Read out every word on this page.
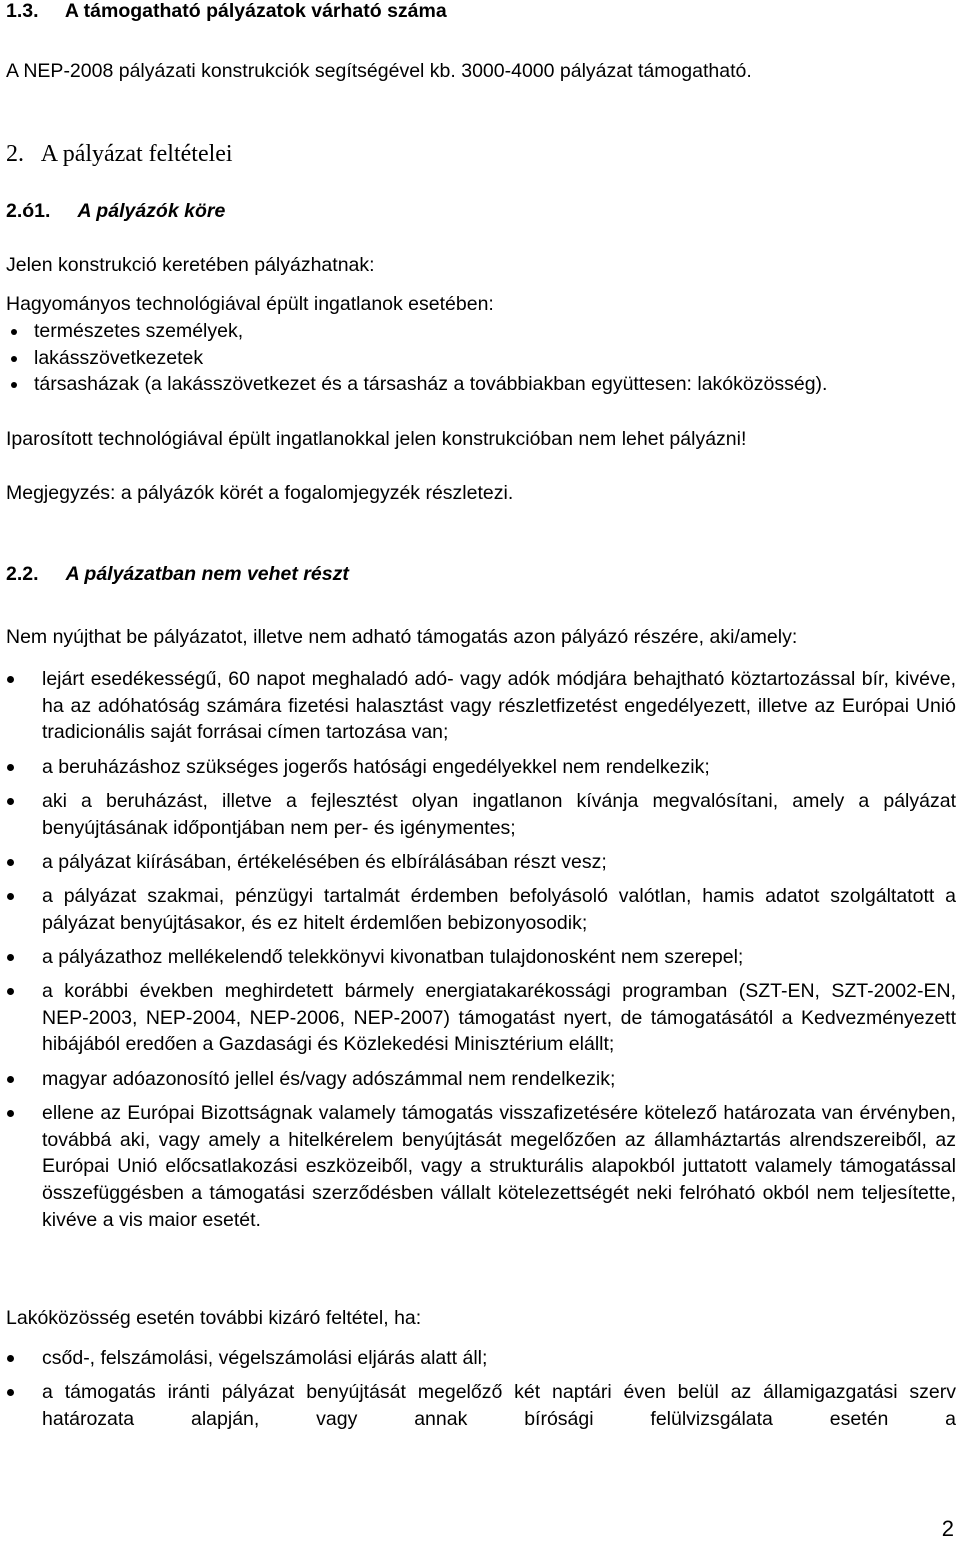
1.3. A támogatható pályázatok várható száma
A NEP-2008 pályázati konstrukciók segítségével kb. 3000-4000 pályázat támogatható.
2. A pályázat feltételei
2.ó1. A pályázók köre
Jelen konstrukció keretében pályázhatnak:
Hagyományos technológiával épült ingatlanok esetében:
természetes személyek,
lakásszövetkezetek
társasházak (a lakásszövetkezet és a társasház a továbbiakban együttesen: lakóközösség).
Iparosított technológiával épült ingatlanokkal jelen konstrukcióban nem lehet pályázni!
Megjegyzés: a pályázók körét a fogalomjegyzék részletezi.
2.2. A pályázatban nem vehet részt
Nem nyújthat be pályázatot, illetve nem adható támogatás azon pályázó részére, aki/amely:
lejárt esedékességű, 60 napot meghaladó adó- vagy adók módjára behajtható köztartozással bír, kivéve, ha az adóhatóság számára fizetési halasztást vagy részletfizetést engedélyezett, illetve az Európai Unió tradicionális saját forrásai címen tartozása van;
a beruházáshoz szükséges jogerős hatósági engedélyekkel nem rendelkezik;
aki a beruházást, illetve a fejlesztést olyan ingatlanon kívánja megvalósítani, amely a pályázat benyújtásának időpontjában nem per- és igénymentes;
a pályázat kiírásában, értékelésében és elbírálásában részt vesz;
a pályázat szakmai, pénzügyi tartalmát érdemben befolyásoló valótlan, hamis adatot szolgáltatott a pályázat benyújtásakor, és ez hitelt érdemlően bebizonyosodik;
a pályázathoz mellékelendő telekkönyvi kivonatban tulajdonosként nem szerepel;
a korábbi években meghirdetett bármely energiatakarékossági programban (SZT-EN, SZT-2002-EN, NEP-2003, NEP-2004, NEP-2006, NEP-2007) támogatást nyert, de támogatásától a Kedvezményezett hibájából eredően a Gazdasági és Közlekedési Minisztérium elállt;
magyar adóazonosító jellel és/vagy adószámmal nem rendelkezik;
ellene az Európai Bizottságnak valamely támogatás visszafizetésére kötelező határozata van érvényben, továbbá aki, vagy amely a hitelkérelem benyújtását megelőzően az államháztartás alrendszereiből, az Európai Unió előcsatlakozási eszközeiből, vagy a strukturális alapokból juttatott valamely támogatással összefüggésben a támogatási szerződésben vállalt kötelezettségét neki felróható okból nem teljesítette, kivéve a vis maior esetét.
Lakóközösség esetén további kizáró feltétel, ha:
csőd-, felszámolási, végelszámolási eljárás alatt áll;
a támogatás iránti pályázat benyújtását megelőző két naptári éven belül az államigazgatási szerv határozata alapján, vagy annak bírósági felülvizsgálata esetén a
2
